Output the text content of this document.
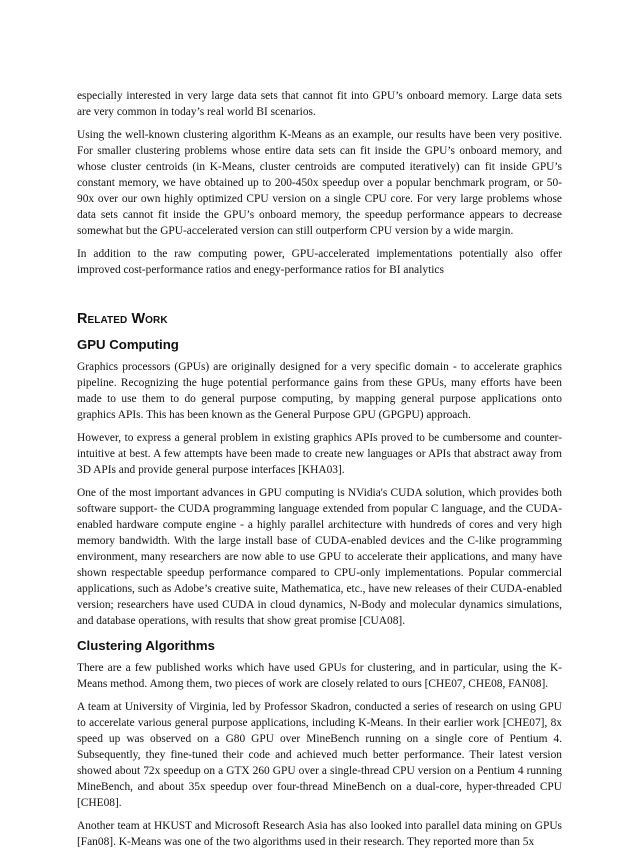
especially interested in very large data sets that cannot fit into GPU’s onboard memory. Large data sets are very common in today’s real world BI scenarios.

Using the well-known clustering algorithm K-Means as an example, our results have been very positive. For smaller clustering problems whose entire data sets can fit inside the GPU’s onboard memory, and whose cluster centroids (in K-Means, cluster centroids are computed iteratively) can fit inside GPU’s constant memory, we have obtained up to 200-450x speedup over a popular benchmark program, or 50-90x over our own highly optimized CPU version on a single CPU core. For very large problems whose data sets cannot fit inside the GPU’s onboard memory, the speedup performance appears to decrease somewhat but the GPU-accelerated version can still outperform CPU version by a wide margin.

In addition to the raw computing power, GPU-accelerated implementations potentially also offer improved cost-performance ratios and enegy-performance ratios for BI analytics

Related Work
GPU Computing

Graphics processors (GPUs) are originally designed for a very specific domain - to accelerate graphics pipeline. Recognizing the huge potential performance gains from these GPUs, many efforts have been made to use them to do general purpose computing, by mapping general purpose applications onto graphics APIs. This has been known as the General Purpose GPU (GPGPU) approach.

However, to express a general problem in existing graphics APIs proved to be cumbersome and counter-intuitive at best. A few attempts have been made to create new languages or APIs that abstract away from 3D APIs and provide general purpose interfaces [KHA03].

One of the most important advances in GPU computing is NVidia's CUDA solution, which provides both software support- the CUDA programming language extended from popular C language, and the CUDA-enabled hardware compute engine - a highly parallel architecture with hundreds of cores and very high memory bandwidth. With the large install base of CUDA-enabled devices and the C-like programming environment, many researchers are now able to use GPU to accelerate their applications, and many have shown respectable speedup performance compared to CPU-only implementations. Popular commercial applications, such as Adobe’s creative suite, Mathematica, etc., have new releases of their CUDA-enabled version; researchers have used CUDA in cloud dynamics, N-Body and molecular dynamics simulations, and database operations, with results that show great promise [CUA08].

Clustering Algorithms

There are a few published works which have used GPUs for clustering, and in particular, using the K-Means method. Among them, two pieces of work are closely related to ours [CHE07, CHE08, FAN08].

A team at University of Virginia, led by Professor Skadron, conducted a series of research on using GPU to accerelate various general purpose applications, including K-Means. In their earlier work [CHE07], 8x speed up was observed on a G80 GPU over MineBench running on a single core of Pentium 4. Subsequently, they fine-tuned their code and achieved much better performance. Their latest version showed about 72x speedup on a GTX 260 GPU over a single-thread CPU version on a Pentium 4 running MineBench, and about 35x speedup over four-thread MineBench on a dual-core, hyper-threaded CPU [CHE08].

Another team at HKUST and Microsoft Research Asia has also looked into parallel data mining on GPUs [Fan08]. K-Means was one of the two algorithms used in their research. They reported more than 5x
